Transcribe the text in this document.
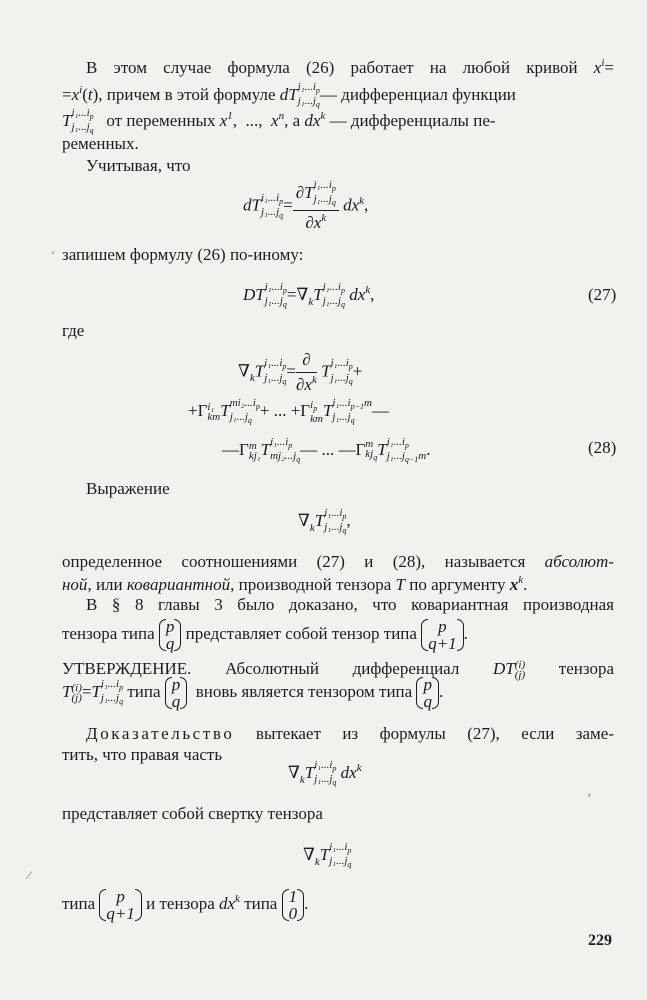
В этом случае формула (26) работает на любой кривой $x^i=$
$=x^i(t)$, причем в этой формуле dT $i_1...i_p$
$j_1...j_q$
— дифференциал функции
T $i_1...i_p$
$j_1...j_q$
от переменных $x^1$,  ...,  $x^n$, а $dx^k$ — дифференциалы пе-
ременных.
Учитывая, что
dT $i_1...i_p$
$j_1...j_q$
= ∂T $i_1...i_p$
$j_1...j_q$
$\partial x^k$ $dx^k$,
запишем формулу (26) по-иному:
DT $i_1...i_p$
$j_1...j_q$
$=\nabla_kT$ $i_1...i_p$
$j_1...j_q$
$dx^k$,	(27)
где
$\nabla_kT$ $i_1...i_p$
$j_1...j_q$
= $\frac{\partial}{\partial x^k}$ T $i_1...i_p$
$j_1...j_q$
+
+Γ i₁
km T $mi_2...i_p$
$j_1...j_q$
+ ... +Γ $i_p$
km T $i_1...i_{p-1}m$
$j_1...j_q$
—
—Γ m
kj₁ T $i_1...i_p$
$mj_2...j_q$
— ... —Γ m
$kj_q$ T $i_1...i_p$
$j_1...j_{q-1}m$ .	(28)
Выражение
$\nabla_kT$ $i_1...i_p$
$j_1...j_q$
,
определенное соотношениями (27) и (28), называется абсолют-
ной, или ковариантной, производной тензора T по аргументу $x^k$.
В § 8 главы 3 было доказано, что ковариантная производная
тензора типа p
q
представляет собой тензор типа	p
q+1
.
УТВЕРЖДЕНИЕ. Абсолютный дифференциал DT (i)
(j) тензора
T (i)
(j) =T $i_1...i_p$
$j_1...j_q$
типа p
q
вновь является тензором типа p
q
.
Доказательство вытекает из формулы (27), если заме-
тить, что правая часть
$\nabla_kT$ $i_1...i_p$
$j_1...j_q$
$dx^k$
представляет собой свертку тензора
$\nabla_kT$ $i_1...i_p$
$j_1...j_q$
типа	p
q+1
и тензора $dx^k$ типа 1
0
.
'
⁄
,
229
